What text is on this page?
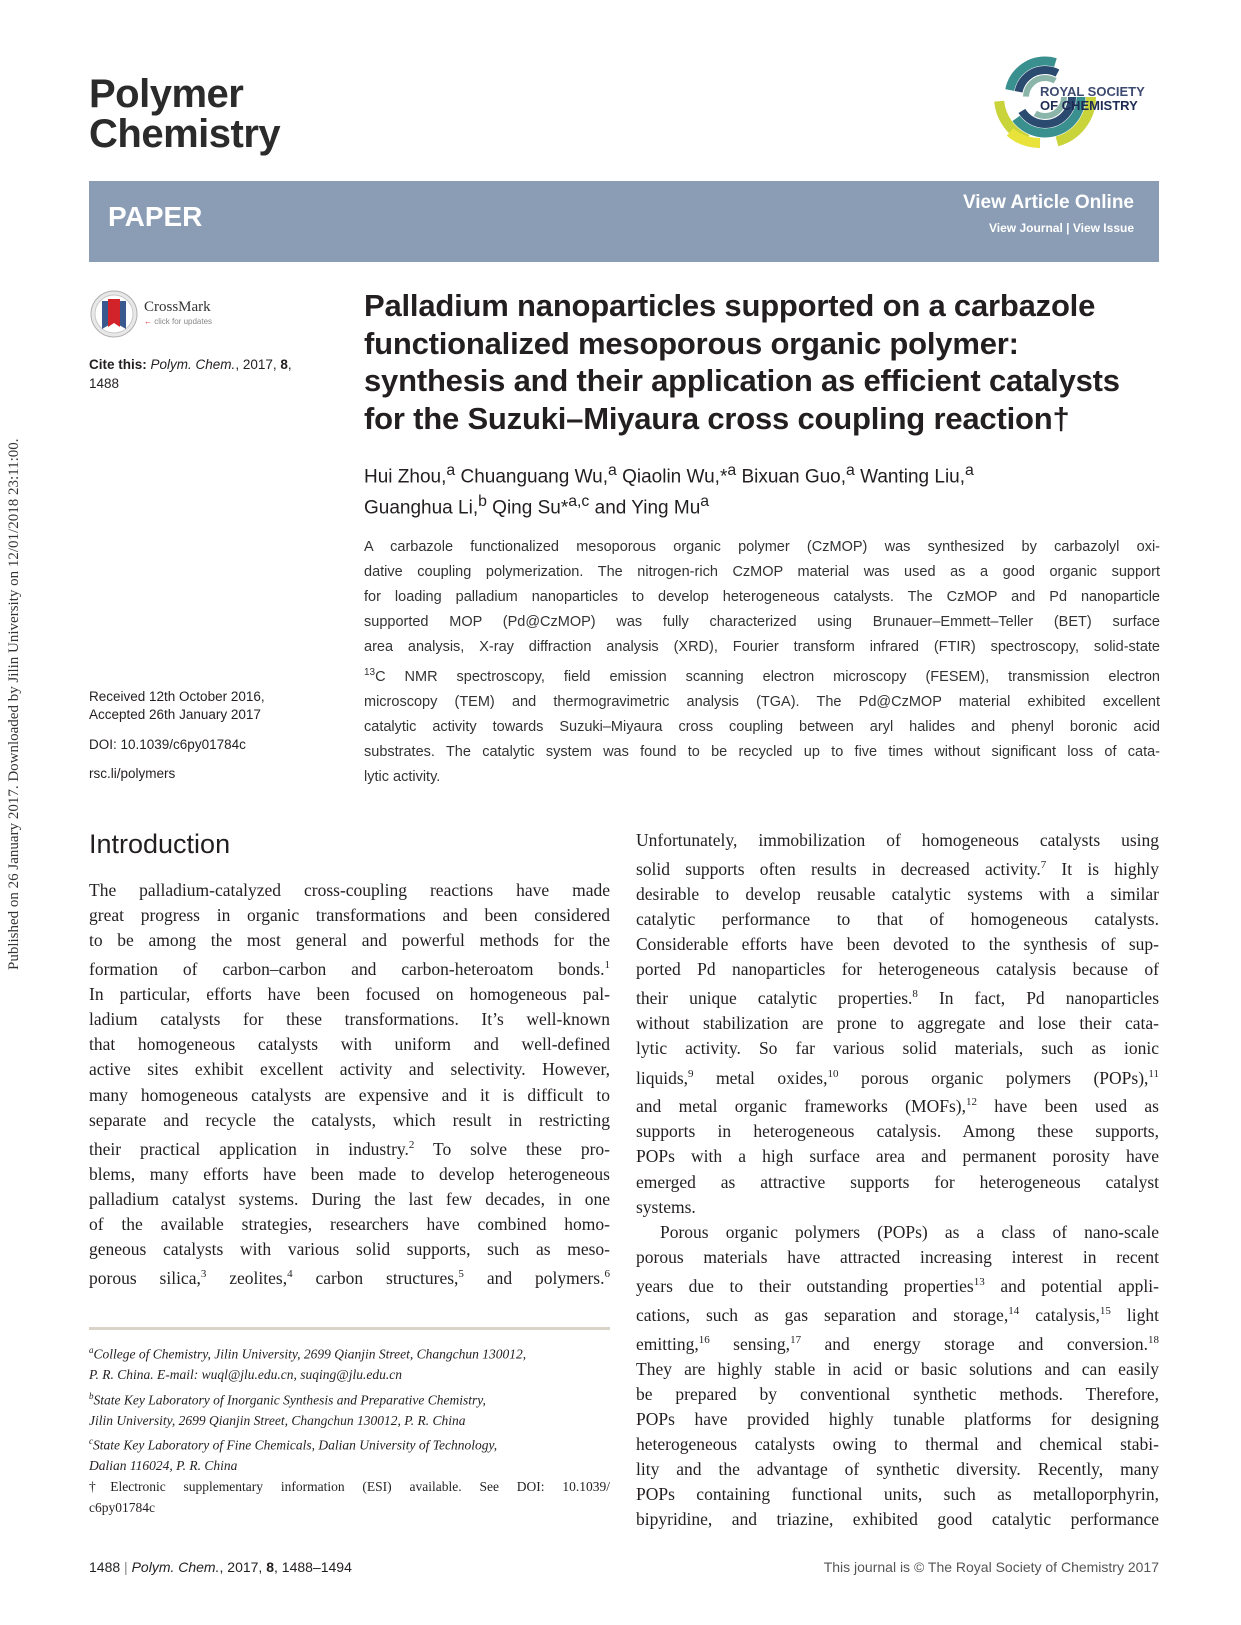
Published on 26 January 2017. Downloaded by Jilin University on 12/01/2018 23:11:00.
Polymer
Chemistry
ROYAL SOCIETY
OF CHEMISTRY
PAPER	View Article Online
View Journal | View Issue
CrossMark
← click for updates
Cite this: Polym. Chem., 2017, 8,
1488
Received 12th October 2016,
Accepted 26th January 2017
DOI: 10.1039/c6py01784c
rsc.li/polymers
Palladium nanoparticles supported on a carbazole
functionalized mesoporous organic polymer:
synthesis and their application as efficient catalysts
for the Suzuki–Miyaura cross coupling reaction†
Hui Zhou,$^a$ Chuanguang Wu,$^a$ Qiaolin Wu,*$^a$ Bixuan Guo,$^a$ Wanting Liu,$^a$
Guanghua Li,$^b$ Qing Su*$^{a,c}$ and Ying Mu$^a$
A carbazole functionalized mesoporous organic polymer (CzMOP) was synthesized by carbazolyl oxi-
dative coupling polymerization. The nitrogen-rich CzMOP material was used as a good organic support
for loading palladium nanoparticles to develop heterogeneous catalysts. The CzMOP and Pd nanoparticle
supported MOP (Pd@CzMOP) was fully characterized using Brunauer–Emmett–Teller (BET) surface
area analysis, X-ray diffraction analysis (XRD), Fourier transform infrared (FTIR) spectroscopy, solid-state
$^{13}$C NMR spectroscopy, field emission scanning electron microscopy (FESEM), transmission electron
microscopy (TEM) and thermogravimetric analysis (TGA). The Pd@CzMOP material exhibited excellent
catalytic activity towards Suzuki–Miyaura cross coupling between aryl halides and phenyl boronic acid
substrates. The catalytic system was found to be recycled up to five times without significant loss of cata-
lytic activity.
Introduction
The palladium-catalyzed cross-coupling reactions have made
great progress in organic transformations and been considered
to be among the most general and powerful methods for the
formation of carbon–carbon and carbon-heteroatom bonds.$^1$
In particular, efforts have been focused on homogeneous pal-
ladium catalysts for these transformations. It’s well-known
that homogeneous catalysts with uniform and well-defined
active sites exhibit excellent activity and selectivity. However,
many homogeneous catalysts are expensive and it is difficult to
separate and recycle the catalysts, which result in restricting
their practical application in industry.$^2$ To solve these pro-
blems, many efforts have been made to develop heterogeneous
palladium catalyst systems. During the last few decades, in one
of the available strategies, researchers have combined homo-
geneous catalysts with various solid supports, such as meso-
porous silica,$^3$ zeolites,$^4$ carbon structures,$^5$ and polymers.$^6$
$^a$College of Chemistry, Jilin University, 2699 Qianjin Street, Changchun 130012,
P. R. China. E-mail: wuql@jlu.edu.cn, suqing@jlu.edu.cn
$^b$State Key Laboratory of Inorganic Synthesis and Preparative Chemistry,
Jilin University, 2699 Qianjin Street, Changchun 130012, P. R. China
$^c$State Key Laboratory of Fine Chemicals, Dalian University of Technology,
Dalian 116024, P. R. China
†Electronic supplementary information (ESI) available. See DOI: 10.1039/
c6py01784c
Unfortunately, immobilization of homogeneous catalysts using
solid supports often results in decreased activity.$^7$ It is highly
desirable to develop reusable catalytic systems with a similar
catalytic performance to that of homogeneous catalysts.
Considerable efforts have been devoted to the synthesis of sup-
ported Pd nanoparticles for heterogeneous catalysis because of
their unique catalytic properties.$^8$ In fact, Pd nanoparticles
without stabilization are prone to aggregate and lose their cata-
lytic activity. So far various solid materials, such as ionic
liquids,$^9$ metal oxides,$^{10}$ porous organic polymers (POPs),$^{11}$
and metal organic frameworks (MOFs),$^{12}$ have been used as
supports in heterogeneous catalysis. Among these supports,
POPs with a high surface area and permanent porosity have
emerged as attractive supports for heterogeneous catalyst
systems.
Porous organic polymers (POPs) as a class of nano-scale
porous materials have attracted increasing interest in recent
years due to their outstanding properties$^{13}$ and potential appli-
cations, such as gas separation and storage,$^{14}$ catalysis,$^{15}$ light
emitting,$^{16}$ sensing,$^{17}$ and energy storage and conversion.$^{18}$
They are highly stable in acid or basic solutions and can easily
be prepared by conventional synthetic methods. Therefore,
POPs have provided highly tunable platforms for designing
heterogeneous catalysts owing to thermal and chemical stabi-
lity and the advantage of synthetic diversity. Recently, many
POPs containing functional units, such as metalloporphyrin,
bipyridine, and triazine, exhibited good catalytic performance
1488 | Polym. Chem., 2017, 8, 1488–1494	This journal is © The Royal Society of Chemistry 2017
